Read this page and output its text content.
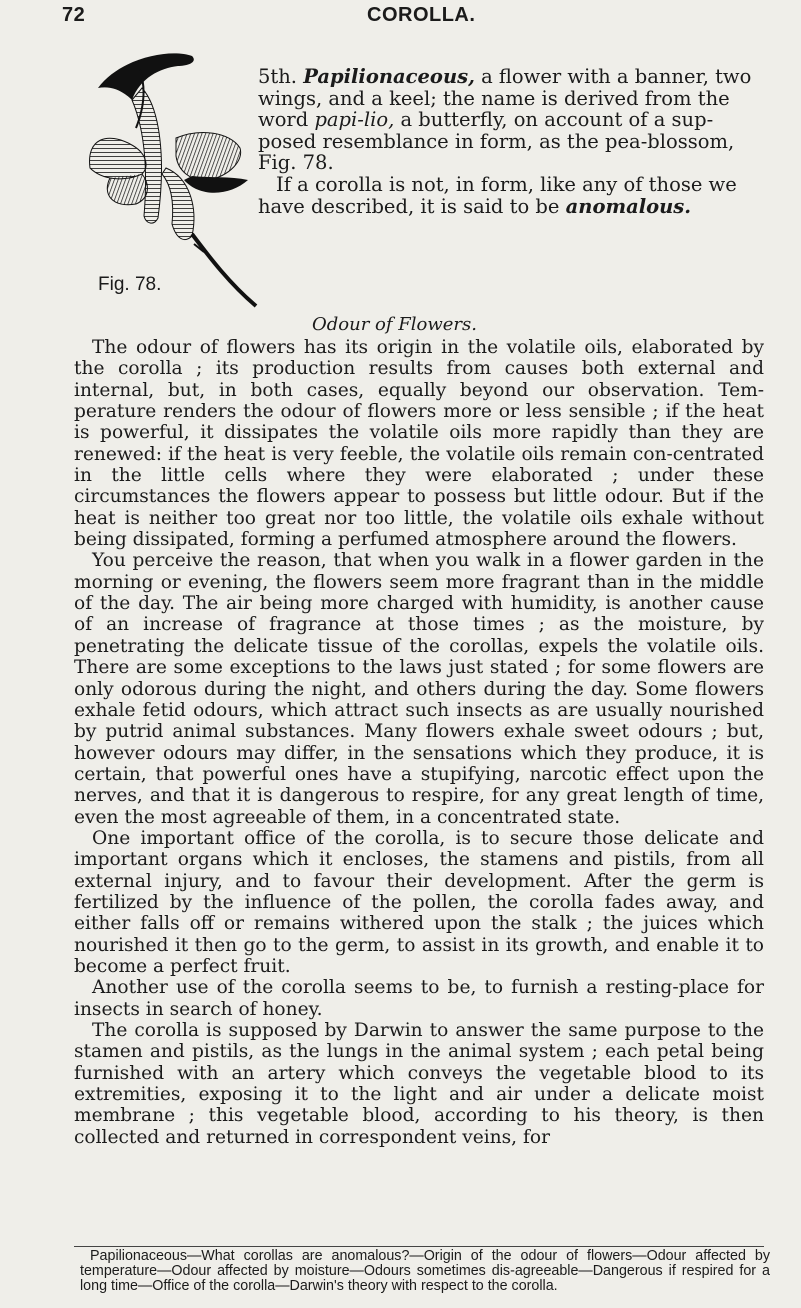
72	COROLLA.
Fig. 78.

5th. Papilionaceous, a flower with a banner, two wings, and a keel; the name is derived from the word papi-lio, a butterfly, on account of a sup-posed resemblance in form, as the pea-blossom, Fig. 78.

If a corolla is not, in form, like any of those we have described, it is said to be anomalous.

Odour of Flowers.

The odour of flowers has its origin in the volatile oils, elaborated by the corolla ; its production results from causes both external and internal, but, in both cases, equally beyond our observation. Tem-perature renders the odour of flowers more or less sensible ; if the heat is powerful, it dissipates the volatile oils more rapidly than they are renewed: if the heat is very feeble, the volatile oils remain con-centrated in the little cells where they were elaborated ; under these circumstances the flowers appear to possess but little odour. But if the heat is neither too great nor too little, the volatile oils exhale without being dissipated, forming a perfumed atmosphere around the flowers.

You perceive the reason, that when you walk in a flower garden in the morning or evening, the flowers seem more fragrant than in the middle of the day. The air being more charged with humidity, is another cause of an increase of fragrance at those times ; as the moisture, by penetrating the delicate tissue of the corollas, expels the volatile oils. There are some exceptions to the laws just stated ; for some flowers are only odorous during the night, and others during the day. Some flowers exhale fetid odours, which attract such insects as are usually nourished by putrid animal substances. Many flowers exhale sweet odours ; but, however odours may differ, in the sensations which they produce, it is certain, that powerful ones have a stupifying, narcotic effect upon the nerves, and that it is dangerous to respire, for any great length of time, even the most agreeable of them, in a concentrated state.

One important office of the corolla, is to secure those delicate and important organs which it encloses, the stamens and pistils, from all external injury, and to favour their development. After the germ is fertilized by the influence of the pollen, the corolla fades away, and either falls off or remains withered upon the stalk ; the juices which nourished it then go to the germ, to assist in its growth, and enable it to become a perfect fruit.

Another use of the corolla seems to be, to furnish a resting-place for insects in search of honey.

The corolla is supposed by Darwin to answer the same purpose to the stamen and pistils, as the lungs in the animal system ; each petal being furnished with an artery which conveys the vegetable blood to its extremities, exposing it to the light and air under a delicate moist membrane ; this vegetable blood, according to his theory, is then collected and returned in correspondent veins, for

Papilionaceous—What corollas are anomalous?—Origin of the odour of flowers—Odour affected by temperature—Odour affected by moisture—Odours sometimes dis-agreeable—Dangerous if respired for a long time—Office of the corolla—Darwin's theory with respect to the corolla.
